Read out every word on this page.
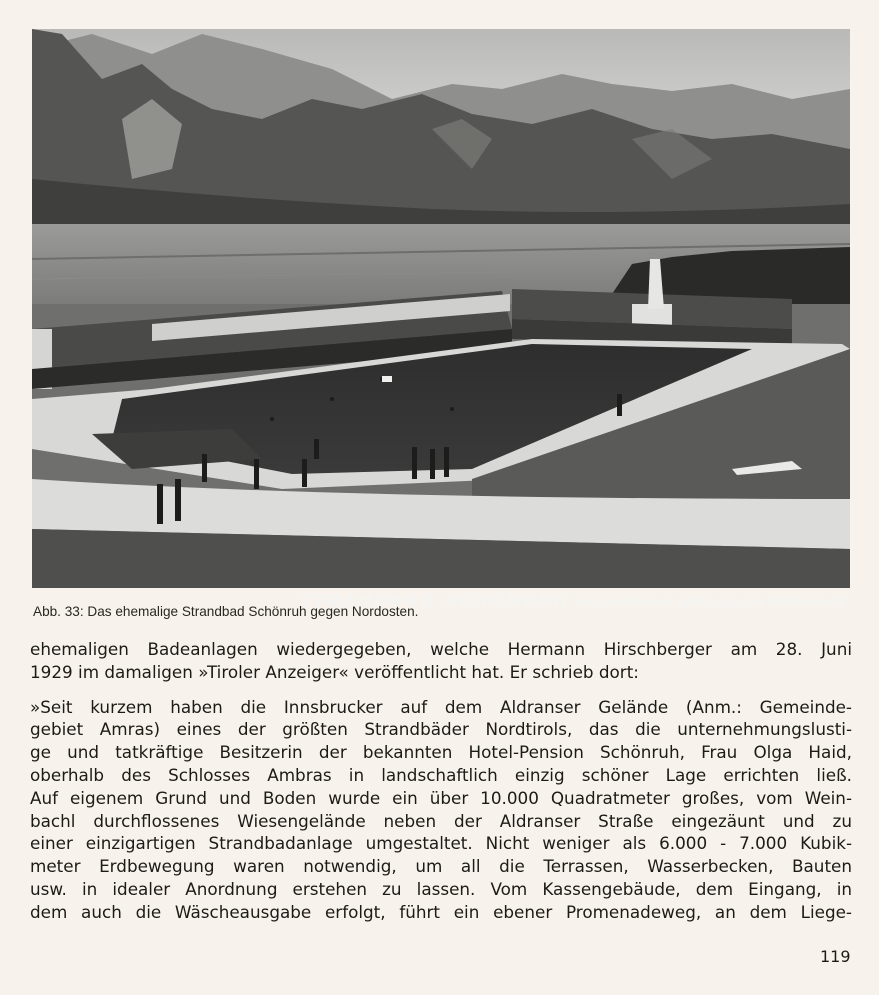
STRANDBAD SCHÖNRUH bei Innsbruck. Blick gegen Bettelwurf
Abb. 33: Das ehemalige Strandbad Schönruh gegen Nordosten.

ehemaligen Badeanlagen wiedergegeben, welche Hermann Hirschberger am 28. Juni
1929 im damaligen »Tiroler Anzeiger« veröffentlicht hat. Er schrieb dort:

»Seit kurzem haben die Innsbrucker auf dem Aldranser Gelände (Anm.: Gemeinde-
gebiet Amras) eines der größten Strandbäder Nordtirols, das die unternehmungslusti-
ge und tatkräftige Besitzerin der bekannten Hotel-Pension Schönruh, Frau Olga Haid,
oberhalb des Schlosses Ambras in landschaftlich einzig schöner Lage errichten ließ.
Auf eigenem Grund und Boden wurde ein über 10.000 Quadratmeter großes, vom Wein-
bachl durchflossenes Wiesengelände neben der Aldranser Straße eingezäunt und zu
einer einzigartigen Strandbadanlage umgestaltet. Nicht weniger als 6.000 - 7.000 Kubik-
meter Erdbewegung waren notwendig, um all die Terrassen, Wasserbecken, Bauten
usw. in idealer Anordnung erstehen zu lassen. Vom Kassengebäude, dem Eingang, in
dem auch die Wäscheausgabe erfolgt, führt ein ebener Promenadeweg, an dem Liege-

119
